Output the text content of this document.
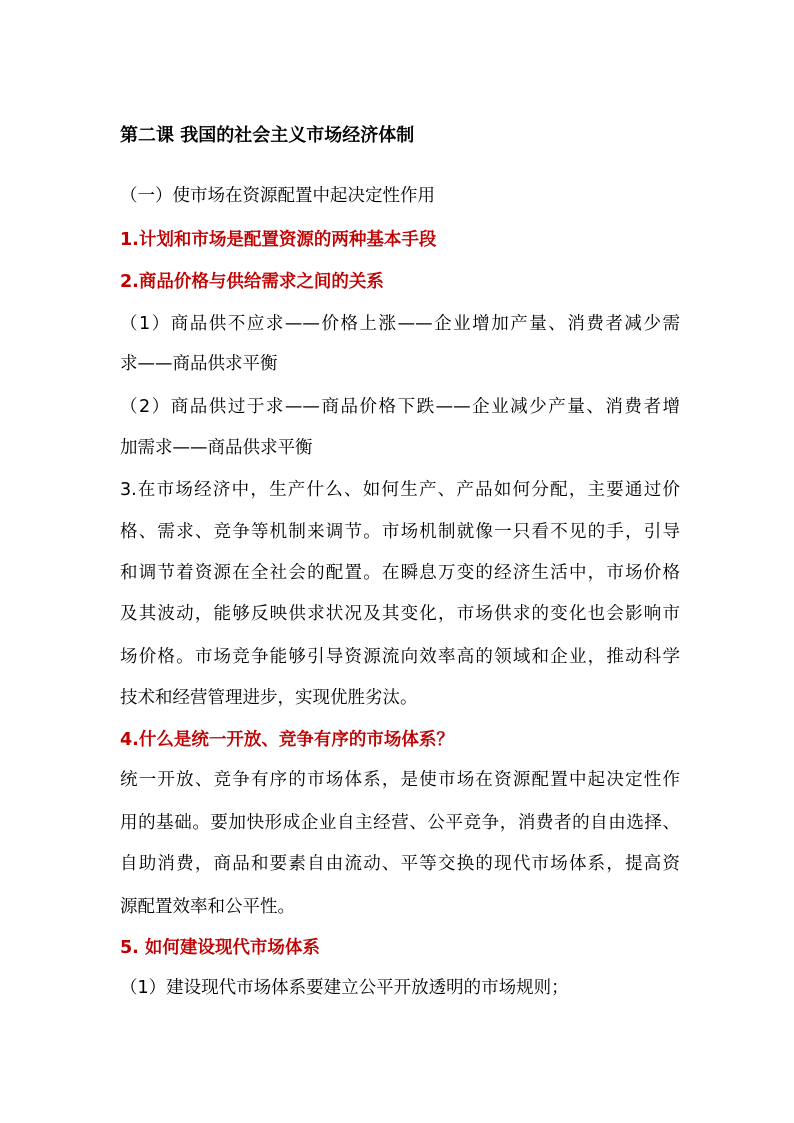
第二课 我国的社会主义市场经济体制
（一）使市场在资源配置中起决定性作用
1.计划和市场是配置资源的两种基本手段
2.商品价格与供给需求之间的关系
（1）商品供不应求——价格上涨——企业增加产量、消费者减少需
求——商品供求平衡
（2）商品供过于求——商品价格下跌——企业减少产量、消费者增
加需求——商品供求平衡
3.在市场经济中，生产什么、如何生产、产品如何分配，主要通过价
格、需求、竞争等机制来调节。市场机制就像一只看不见的手，引导
和调节着资源在全社会的配置。在瞬息万变的经济生活中，市场价格
及其波动，能够反映供求状况及其变化，市场供求的变化也会影响市
场价格。市场竞争能够引导资源流向效率高的领域和企业，推动科学
技术和经营管理进步，实现优胜劣汰。
4.什么是统一开放、竞争有序的市场体系？
统一开放、竞争有序的市场体系，是使市场在资源配置中起决定性作
用的基础。要加快形成企业自主经营、公平竞争，消费者的自由选择、
自助消费，商品和要素自由流动、平等交换的现代市场体系，提高资
源配置效率和公平性。
5. 如何建设现代市场体系
（1）建设现代市场体系要建立公平开放透明的市场规则；
